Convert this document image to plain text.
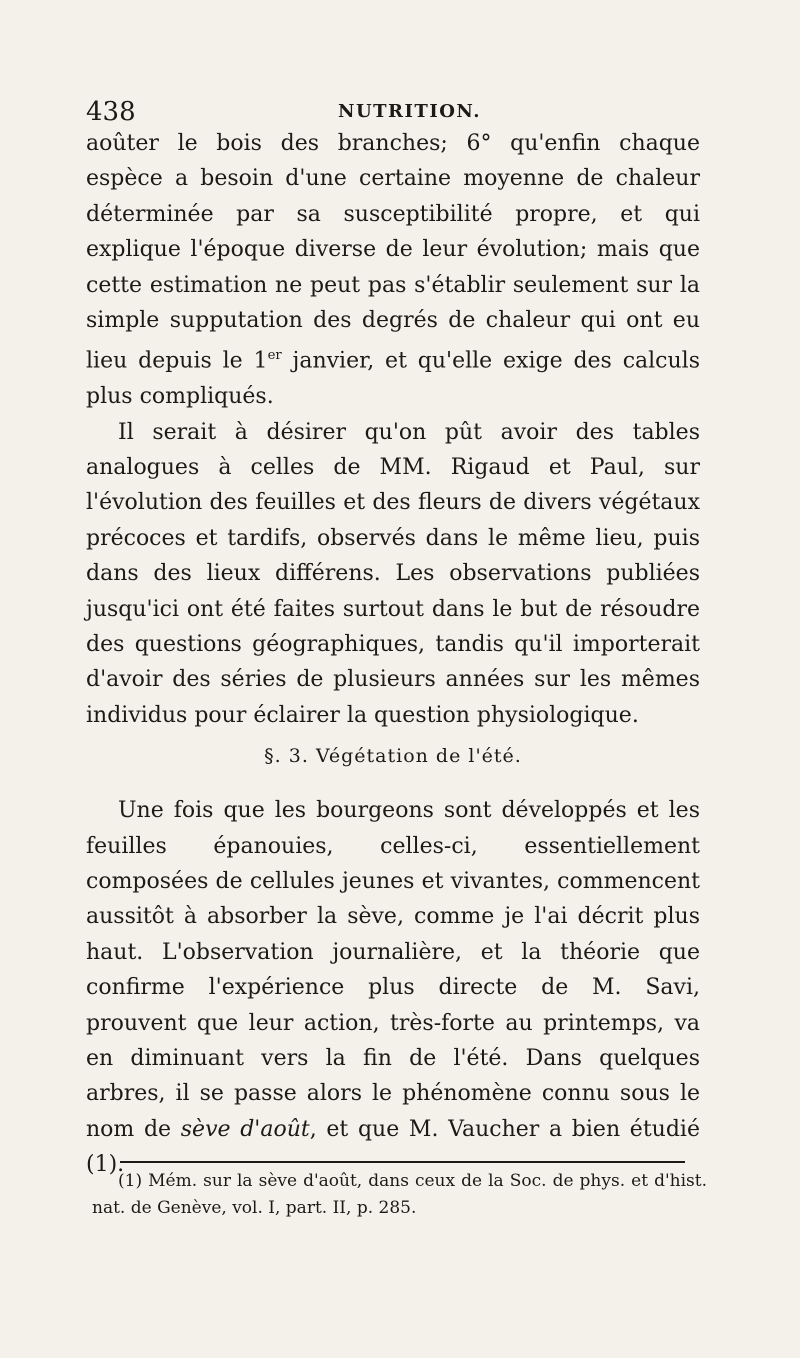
438	NUTRITION.

aoûter le bois des branches; 6° qu'enfin chaque espèce a besoin d'une certaine moyenne de chaleur déterminée par sa susceptibilité propre, et qui explique l'époque diverse de leur évolution; mais que cette estimation ne peut pas s'établir seulement sur la simple supputation des degrés de chaleur qui ont eu lieu depuis le 1er janvier, et qu'elle exige des calculs plus compliqués.

Il serait à désirer qu'on pût avoir des tables analogues à celles de MM. Rigaud et Paul, sur l'évolution des feuilles et des fleurs de divers végétaux précoces et tardifs, observés dans le même lieu, puis dans des lieux différens. Les observations publiées jusqu'ici ont été faites surtout dans le but de résoudre des questions géographiques, tandis qu'il importerait d'avoir des séries de plusieurs années sur les mêmes individus pour éclairer la question physiologique.

§. 3. Végétation de l'été.

Une fois que les bourgeons sont développés et les feuilles épanouies, celles-ci, essentiellement composées de cellules jeunes et vivantes, commencent aussitôt à absorber la sève, comme je l'ai décrit plus haut. L'observation journalière, et la théorie que confirme l'expérience plus directe de M. Savi, prouvent que leur action, très-forte au printemps, va en diminuant vers la fin de l'été. Dans quelques arbres, il se passe alors le phénomène connu sous le nom de sève d'août, et que M. Vaucher a bien étudié (1).

(1) Mém. sur la sève d'août, dans ceux de la Soc. de phys. et d'hist. nat. de Genève, vol. I, part. II, p. 285.
